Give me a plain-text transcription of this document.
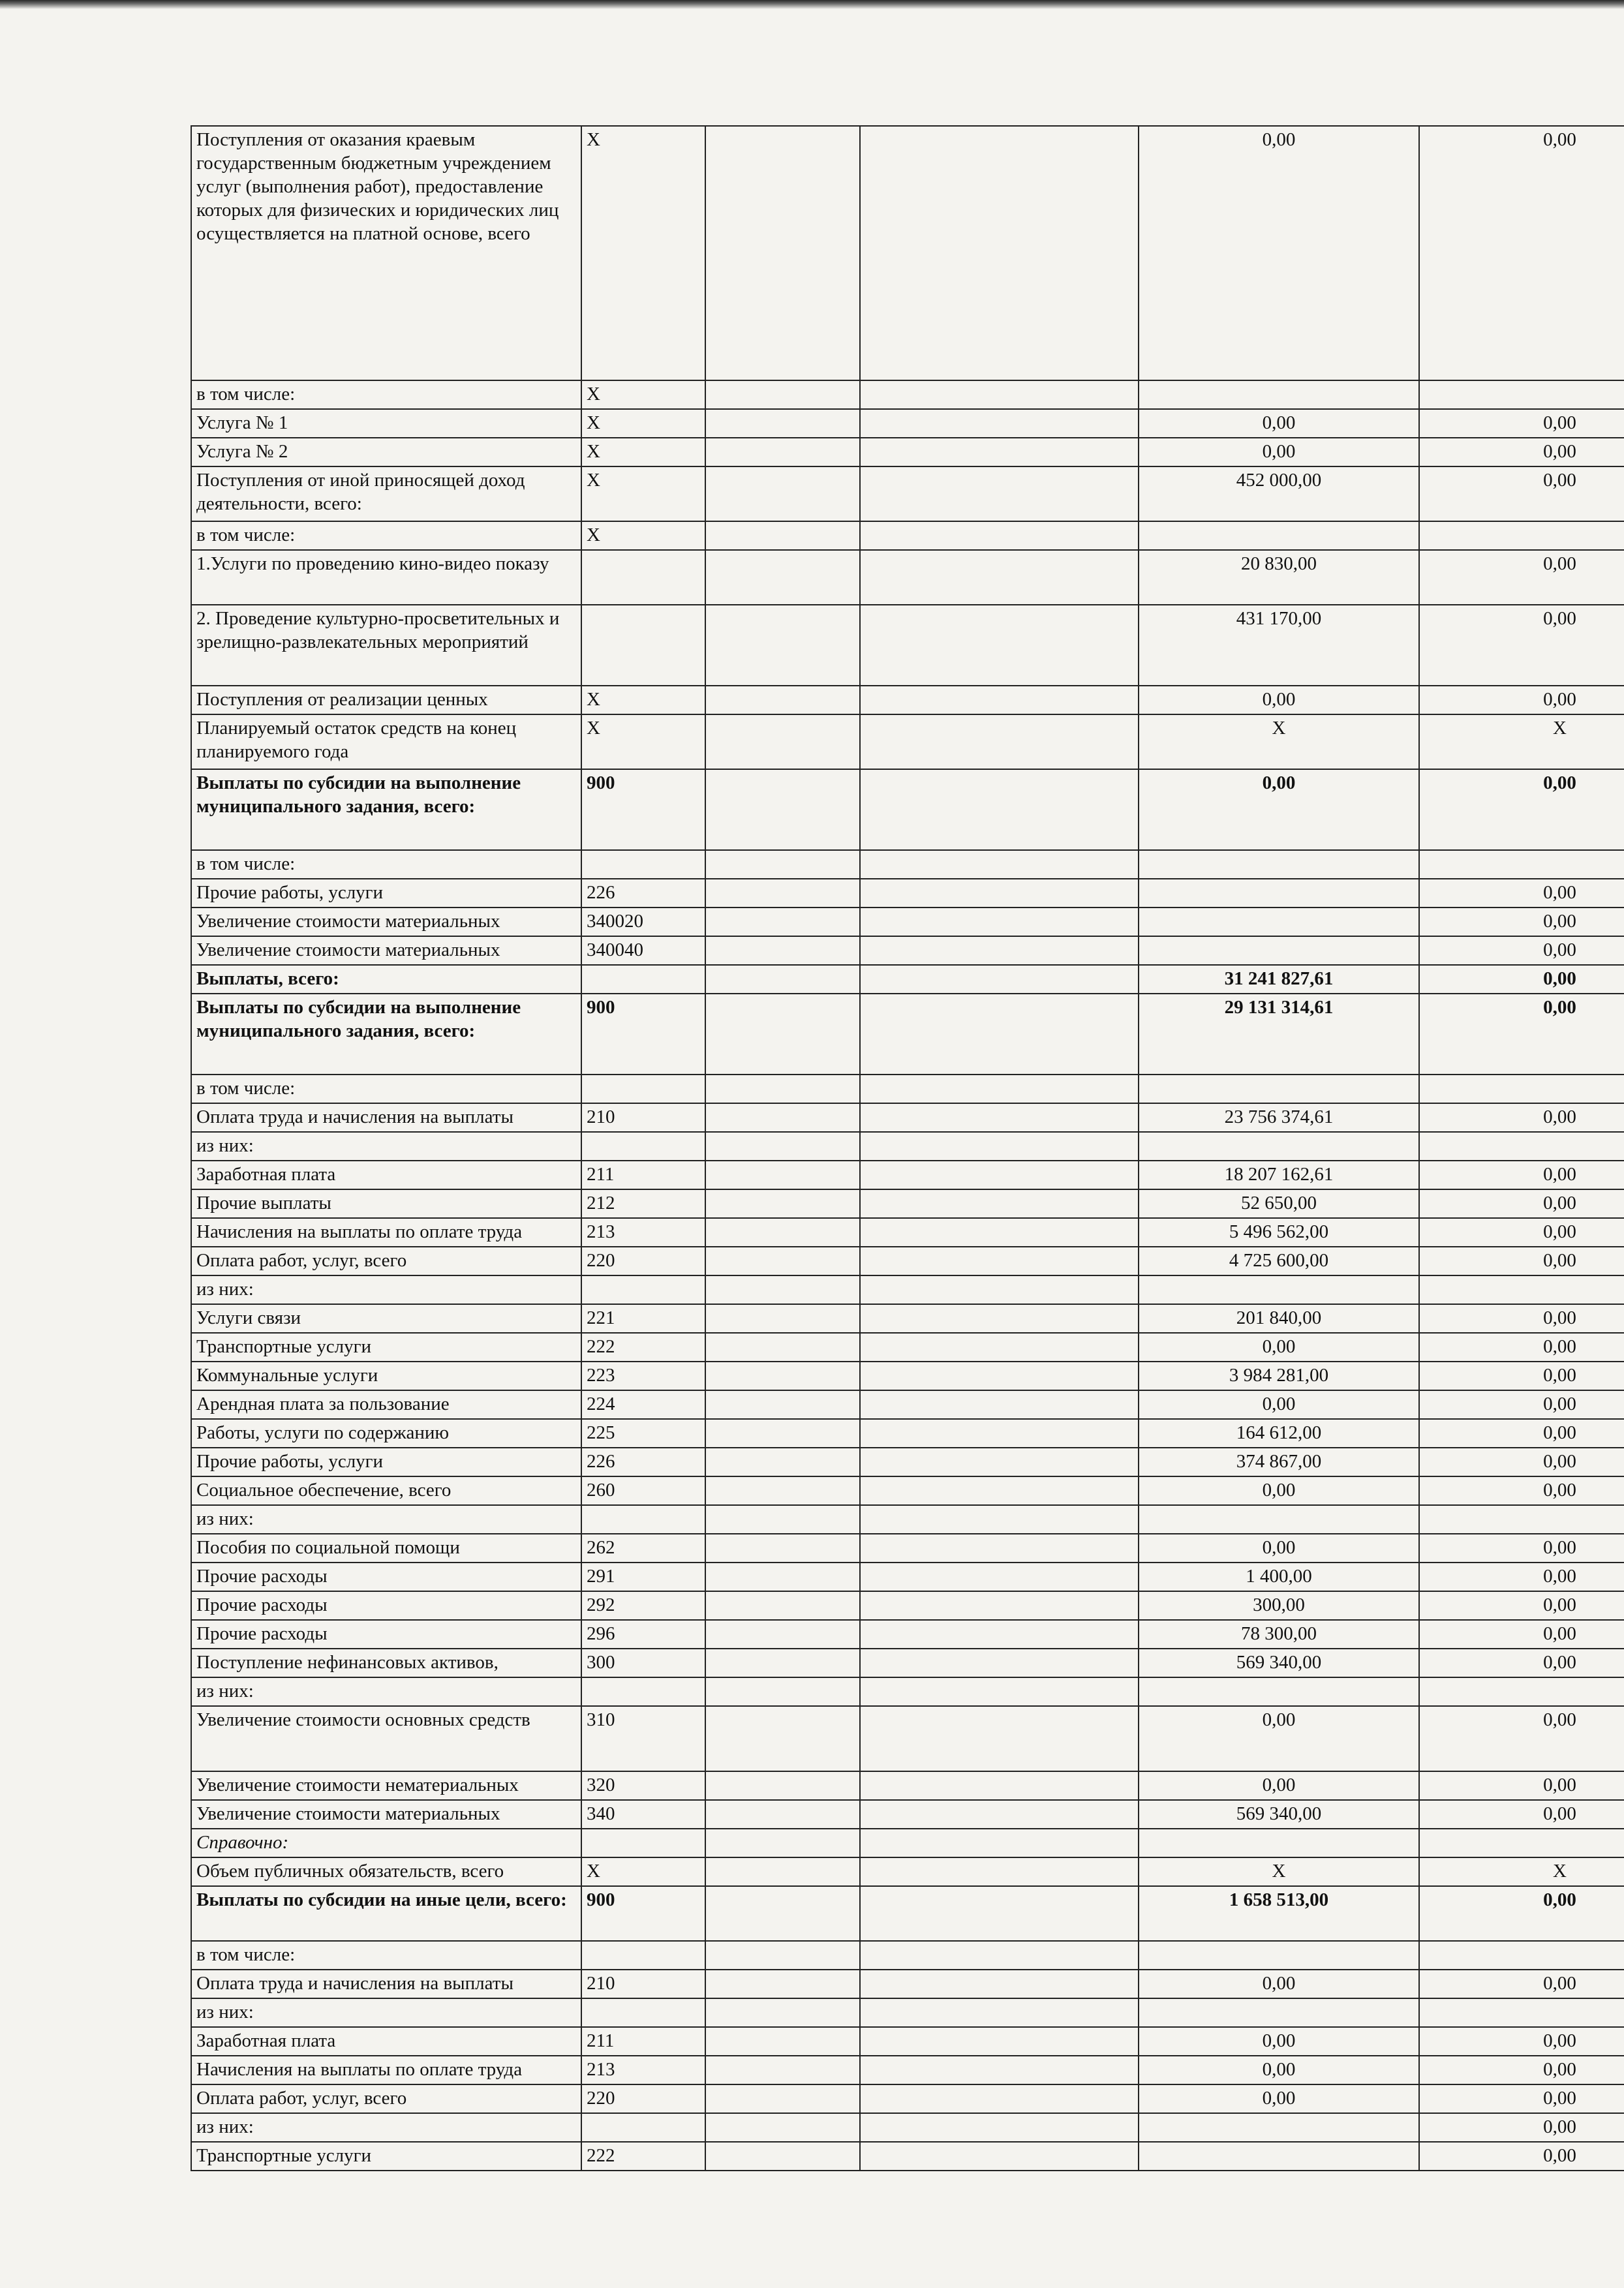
Поступления от оказания краевым государственным бюджетным учреждением услуг (выполнения работ), предоставление которых для физических и юридических лиц осуществляется на платной основе, всего	X			0,00	0,00
в том числе:	X				
Услуга № 1	X			0,00	0,00
Услуга № 2	X			0,00	0,00
Поступления от иной приносящей доход деятельности, всего:	X			452 000,00	0,00
в том числе:	X				
1.Услуги по проведению кино-видео показу				20 830,00	0,00
2. Проведение культурно-просветительных и зрелищно-развлекательных мероприятий				431 170,00	0,00
Поступления от реализации ценных	X			0,00	0,00
Планируемый остаток средств на конец планируемого года	X			X	X
Выплаты по субсидии на выполнение муниципального задания, всего:	900			0,00	0,00
в том числе:					
Прочие работы, услуги	226				0,00
Увеличение стоимости материальных	340020				0,00
Увеличение стоимости материальных	340040				0,00
Выплаты, всего:				31 241 827,61	0,00
Выплаты по субсидии на выполнение муниципального задания, всего:	900			29 131 314,61	0,00
в том числе:					
Оплата труда и начисления на выплаты	210			23 756 374,61	0,00
из них:					
Заработная плата	211			18 207 162,61	0,00
Прочие выплаты	212			52 650,00	0,00
Начисления на выплаты по оплате труда	213			5 496 562,00	0,00
Оплата работ, услуг, всего	220			4 725 600,00	0,00
из них:					
Услуги связи	221			201 840,00	0,00
Транспортные услуги	222			0,00	0,00
Коммунальные услуги	223			3 984 281,00	0,00
Арендная плата за пользование	224			0,00	0,00
Работы, услуги по содержанию	225			164 612,00	0,00
Прочие работы, услуги	226			374 867,00	0,00
Социальное обеспечение, всего	260			0,00	0,00
из них:					
Пособия по социальной помощи	262			0,00	0,00
Прочие расходы	291			1 400,00	0,00
Прочие расходы	292			300,00	0,00
Прочие расходы	296			78 300,00	0,00
Поступление нефинансовых активов,	300			569 340,00	0,00
из них:					
Увеличение стоимости основных средств	310			0,00	0,00
Увеличение стоимости нематериальных	320			0,00	0,00
Увеличение стоимости материальных	340			569 340,00	0,00
Справочно:					
Объем публичных обязательств, всего	X			X	X
Выплаты по субсидии на иные цели, всего:	900			1 658 513,00	0,00
в том числе:					
Оплата труда и начисления на выплаты	210			0,00	0,00
из них:					
Заработная плата	211			0,00	0,00
Начисления на выплаты по оплате труда	213			0,00	0,00
Оплата работ, услуг, всего	220			0,00	0,00
из них:					0,00
Транспортные услуги	222				0,00
